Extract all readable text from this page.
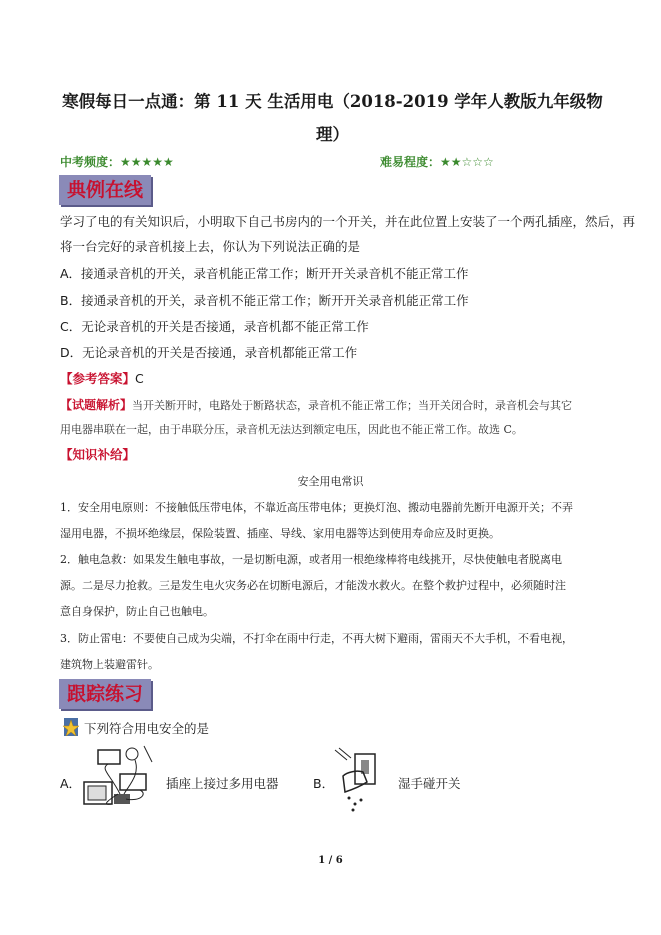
寒假每日一点通：第 11 天 生活用电（2018-2019 学年人教版九年级物
理）
中考频度：★★★★★	难易程度：★★☆☆☆
典例在线
学习了电的有关知识后，小明取下自己书房内的一个开关，并在此位置上安装了一个两孔插座，然后，再
将一台完好的录音机接上去，你认为下列说法正确的是
A．接通录音机的开关，录音机能正常工作；断开开关录音机不能正常工作
B．接通录音机的开关，录音机不能正常工作；断开开关录音机能正常工作
C．无论录音机的开关是否接通，录音机都不能正常工作
D．无论录音机的开关是否接通，录音机都能正常工作
【参考答案】C
【试题解析】当开关断开时，电路处于断路状态，录音机不能正常工作；当开关闭合时，录音机会与其它
用电器串联在一起，由于串联分压，录音机无法达到额定电压，因此也不能正常工作。故选 C。
【知识补给】
安全用电常识
1．安全用电原则：不接触低压带电体，不靠近高压带电体；更换灯泡、搬动电器前先断开电源开关；不弄
湿用电器，不损坏绝缘层，保险装置、插座、导线、家用电器等达到使用寿命应及时更换。
2．触电急救：如果发生触电事故，一是切断电源，或者用一根绝缘棒将电线挑开，尽快使触电者脱离电
源。二是尽力抢救。三是发生电火灾务必在切断电源后，才能泼水救火。在整个救护过程中，必须随时注
意自身保护，防止自己也触电。
3．防止雷电：不要使自己成为尖端，不打伞在雨中行走，不再大树下避雨，雷雨天不大手机，不看电视，
建筑物上装避雷针。
跟踪练习
下列符合用电安全的是
A．	插座上接过多用电器	B．	湿手碰开关
1 / 6
